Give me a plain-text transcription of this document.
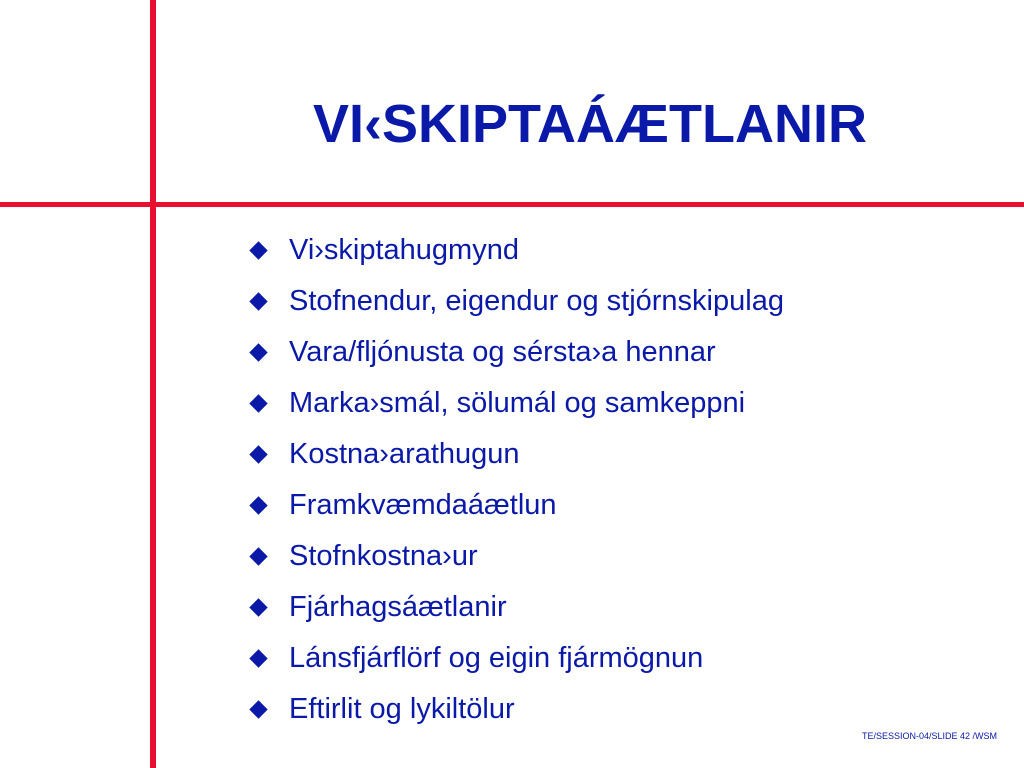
VI‹SKIPTAÁÆTLANIR
Vi›skiptahugmynd
Stofnendur, eigendur og stjórnskipulag
Vara/fljónusta og sérsta›a hennar
Marka›smál, sölumál og samkeppni
Kostna›arathugun
Framkvæmdaáætlun
Stofnkostna›ur
Fjárhagsáætlanir
Lánsfjárflörf og eigin fjármögnun
Eftirlit og lykiltölur
TE/SESSION-04/SLIDE 42 /WSM
